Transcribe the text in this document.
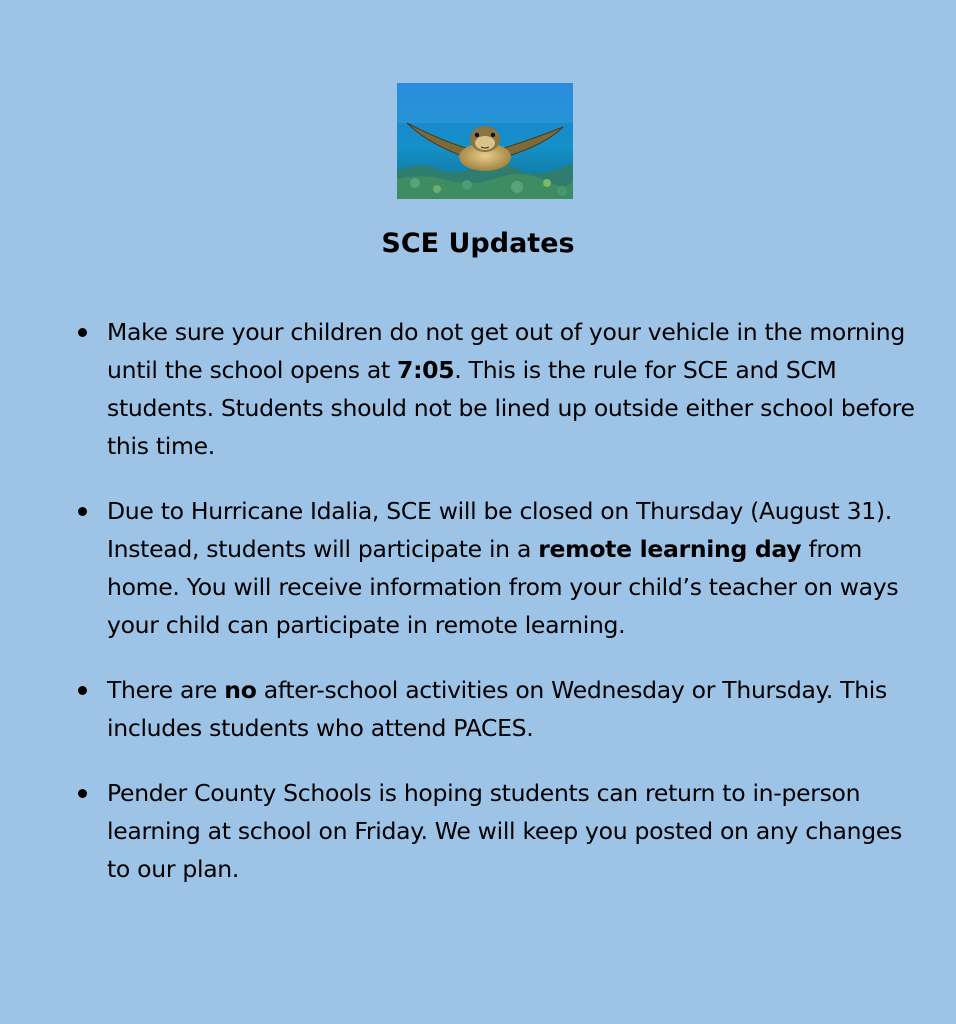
SCE Updates

Make sure your children do not get out of your vehicle in the morning until the school opens at 7:05. This is the rule for SCE and SCM students. Students should not be lined up outside either school before this time.

Due to Hurricane Idalia, SCE will be closed on Thursday (August 31). Instead, students will participate in a remote learning day from home. You will receive information from your child’s teacher on ways your child can participate in remote learning.

There are no after-school activities on Wednesday or Thursday. This includes students who attend PACES.

Pender County Schools is hoping students can return to in-person learning at school on Friday. We will keep you posted on any changes to our plan.
